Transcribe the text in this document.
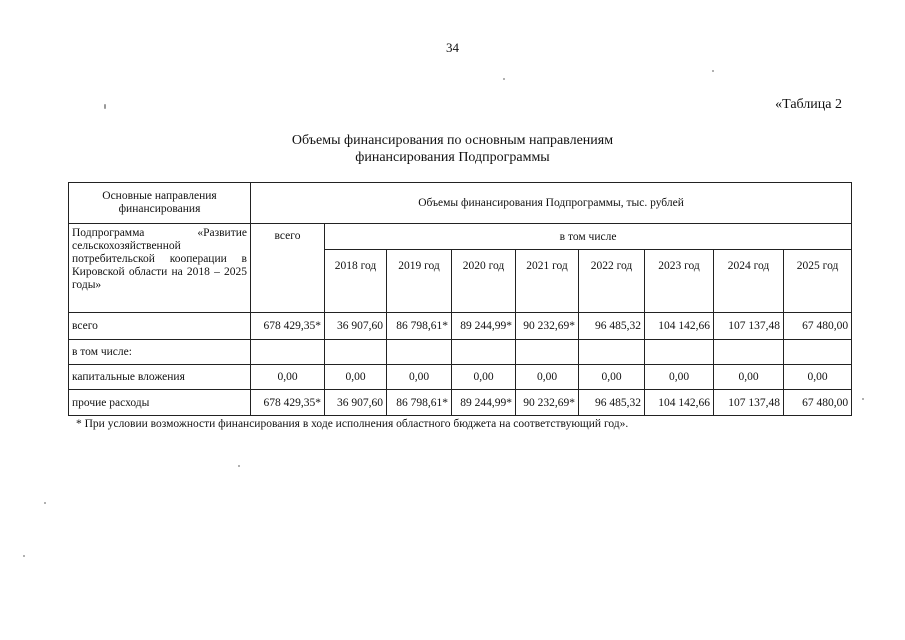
34
«Таблица 2
Объемы финансирования по основным направлениям
финансирования Подпрограммы
Основные направления финансирования	Объемы финансирования Подпрограммы, тыс. рублей								

Подпрограмма «Развитие сельскохозяйственной потребительской кооперации в Кировской области на 2018 – 2025 годы»	всего	в том числе							
		2018 год	2019 год	2020 год	2021 год	2022 год	2023 год	2024 год	2025 год
всего	678 429,35*	36 907,60	86 798,61*	89 244,99*	90 232,69*	96 485,32	104 142,66	107 137,48	67 480,00
в том числе:									
капитальные вложения	0,00	0,00	0,00	0,00	0,00	0,00	0,00	0,00	0,00
прочие расходы	678 429,35*	36 907,60	86 798,61*	89 244,99*	90 232,69*	96 485,32	104 142,66	107 137,48	67 480,00
* При условии возможности финансирования в ходе исполнения областного бюджета на соответствующий год».
